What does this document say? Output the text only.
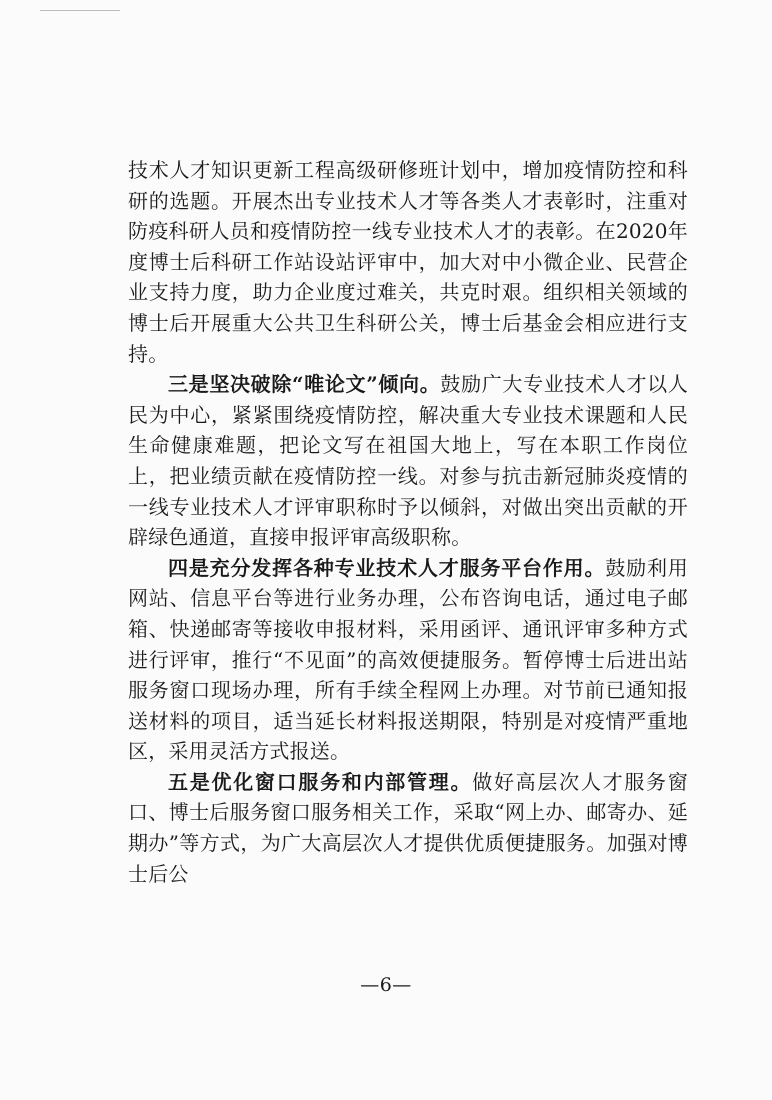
技术人才知识更新工程高级研修班计划中，增加疫情防控和科研的选题。开展杰出专业技术人才等各类人才表彰时，注重对防疫科研人员和疫情防控一线专业技术人才的表彰。在2020年度博士后科研工作站设站评审中，加大对中小微企业、民营企业支持力度，助力企业度过难关，共克时艰。组织相关领域的博士后开展重大公共卫生科研公关，博士后基金会相应进行支持。

三是坚决破除“唯论文”倾向。鼓励广大专业技术人才以人民为中心，紧紧围绕疫情防控，解决重大专业技术课题和人民生命健康难题，把论文写在祖国大地上，写在本职工作岗位上，把业绩贡献在疫情防控一线。对参与抗击新冠肺炎疫情的一线专业技术人才评审职称时予以倾斜，对做出突出贡献的开辟绿色通道，直接申报评审高级职称。

四是充分发挥各种专业技术人才服务平台作用。鼓励利用网站、信息平台等进行业务办理，公布咨询电话，通过电子邮箱、快递邮寄等接收申报材料，采用函评、通讯评审多种方式进行评审，推行“不见面”的高效便捷服务。暂停博士后进出站服务窗口现场办理，所有手续全程网上办理。对节前已通知报送材料的项目，适当延长材料报送期限，特别是对疫情严重地区，采用灵活方式报送。

五是优化窗口服务和内部管理。做好高层次人才服务窗口、博士后服务窗口服务相关工作，采取“网上办、邮寄办、延期办”等方式，为广大高层次人才提供优质便捷服务。加强对博士后公

—6—
